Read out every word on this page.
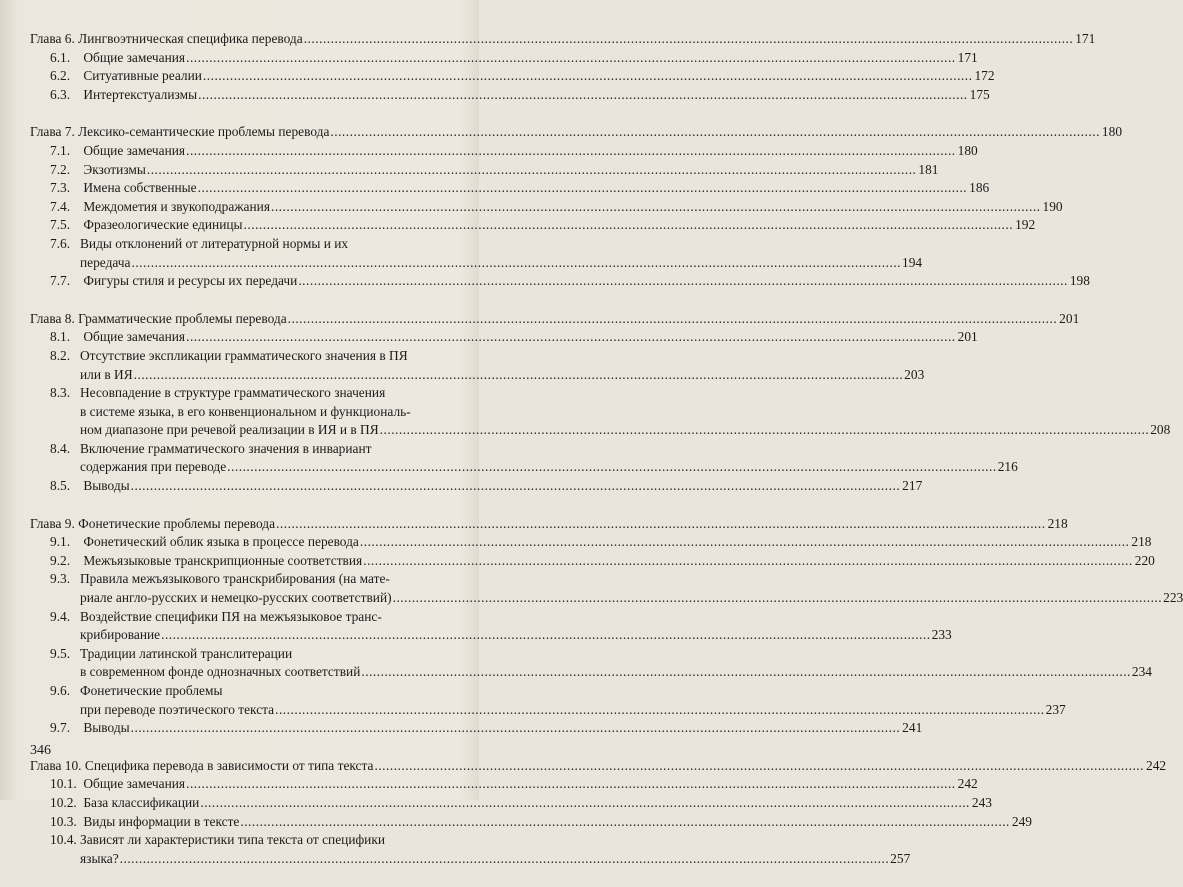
Глава 6. Лингвоэтническая специфика перевода .....	171
6.1. Общие замечания .....	171
6.2. Ситуативные реалии .....	172
6.3. Интертекстуализмы .....	175
Глава 7. Лексико-семантические проблемы перевода .....	180
7.1. Общие замечания .....	180
7.2. Экзотизмы .....	181
7.3. Имена собственные .....	186
7.4. Междометия и звукоподражания .....	190
7.5. Фразеологические единицы .....	192
7.6. Виды отклонений от литературной нормы и их
передача .....	194
7.7. Фигуры стиля и ресурсы их передачи .....	198
Глава 8. Грамматические проблемы перевода .....	201
8.1. Общие замечания .....	201
8.2. Отсутствие экспликации грамматического значения в ПЯ
или в ИЯ .....	203
8.3. Несовпадение в структуре грамматического значения
в системе языка, в его конвенциональном и функциональ-
ном диапазоне при речевой реализации в ИЯ и в ПЯ .....	208
8.4. Включение грамматического значения в инвариант
содержания при переводе .....	216
8.5. Выводы .....	217
Глава 9. Фонетические проблемы перевода .....	218
9.1. Фонетический облик языка в процессе перевода .....	218
9.2. Межъязыковые транскрипционные соответствия .....	220
9.3. Правила межъязыкового транскрибирования (на мате-
риале англо-русских и немецко-русских соответствий) .....	223
9.4. Воздействие специфики ПЯ на межъязыковое транс-
крибирование .....	233
9.5. Традиции латинской транслитерации
в современном фонде однозначных соответствий .....	234
9.6. Фонетические проблемы
при переводе поэтического текста .....	237
9.7. Выводы .....	241
Глава 10. Специфика перевода в зависимости от типа текста .....	242
10.1. Общие замечания .....	242
10.2. База классификации .....	243
10.3. Виды информации в тексте .....	249
10.4. Зависят ли характеристики типа текста от специфики
языка? .....	257
346
